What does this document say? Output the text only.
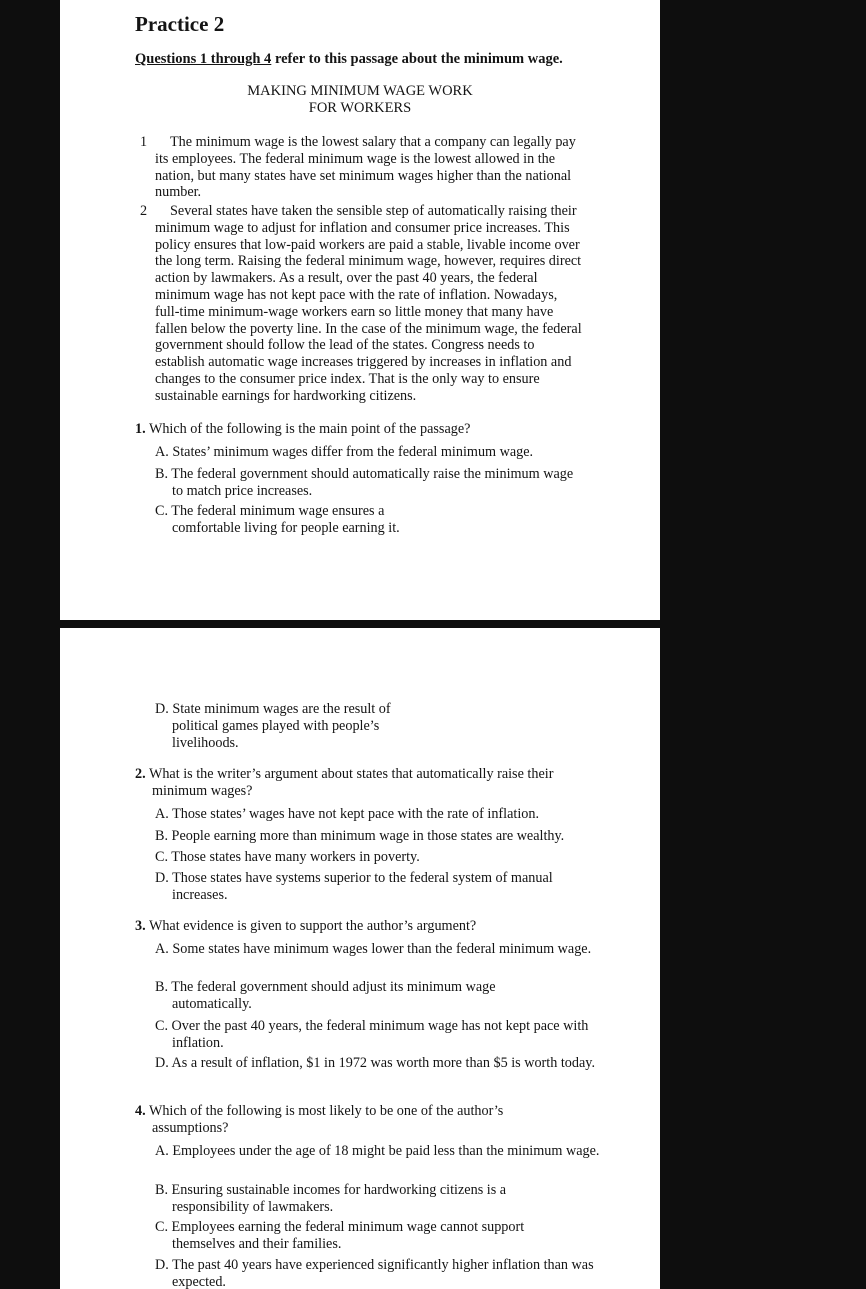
Practice 2
Questions 1 through 4 refer to this passage about the minimum wage.
MAKING MINIMUM WAGE WORK
FOR WORKERS
1 The minimum wage is the lowest salary that a company can legally pay its employees. The federal minimum wage is the lowest allowed in the nation, but many states have set minimum wages higher than the national number.
2 Several states have taken the sensible step of automatically raising their minimum wage to adjust for inflation and consumer price increases. This policy ensures that low-paid workers are paid a stable, livable income over the long term. Raising the federal minimum wage, however, requires direct action by lawmakers. As a result, over the past 40 years, the federal minimum wage has not kept pace with the rate of inflation. Nowadays, full-time minimum-wage workers earn so little money that many have fallen below the poverty line. In the case of the minimum wage, the federal government should follow the lead of the states. Congress needs to establish automatic wage increases triggered by increases in inflation and changes to the consumer price index. That is the only way to ensure sustainable earnings for hardworking citizens.
1. Which of the following is the main point of the passage?
A. States’ minimum wages differ from the federal minimum wage.
B. The federal government should automatically raise the minimum wage to match price increases.
C. The federal minimum wage ensures a comfortable living for people earning it.
D. State minimum wages are the result of political games played with people’s livelihoods.
2. What is the writer’s argument about states that automatically raise their minimum wages?
A. Those states’ wages have not kept pace with the rate of inflation.
B. People earning more than minimum wage in those states are wealthy.
C. Those states have many workers in poverty.
D. Those states have systems superior to the federal system of manual increases.
3. What evidence is given to support the author’s argument?
A. Some states have minimum wages lower than the federal minimum wage.
B. The federal government should adjust its minimum wage automatically.
C. Over the past 40 years, the federal minimum wage has not kept pace with inflation.
D. As a result of inflation, $1 in 1972 was worth more than $5 is worth today.
4. Which of the following is most likely to be one of the author’s assumptions?
A. Employees under the age of 18 might be paid less than the minimum wage.
B. Ensuring sustainable incomes for hardworking citizens is a responsibility of lawmakers.
C. Employees earning the federal minimum wage cannot support themselves and their families.
D. The past 40 years have experienced significantly higher inflation than was expected.
